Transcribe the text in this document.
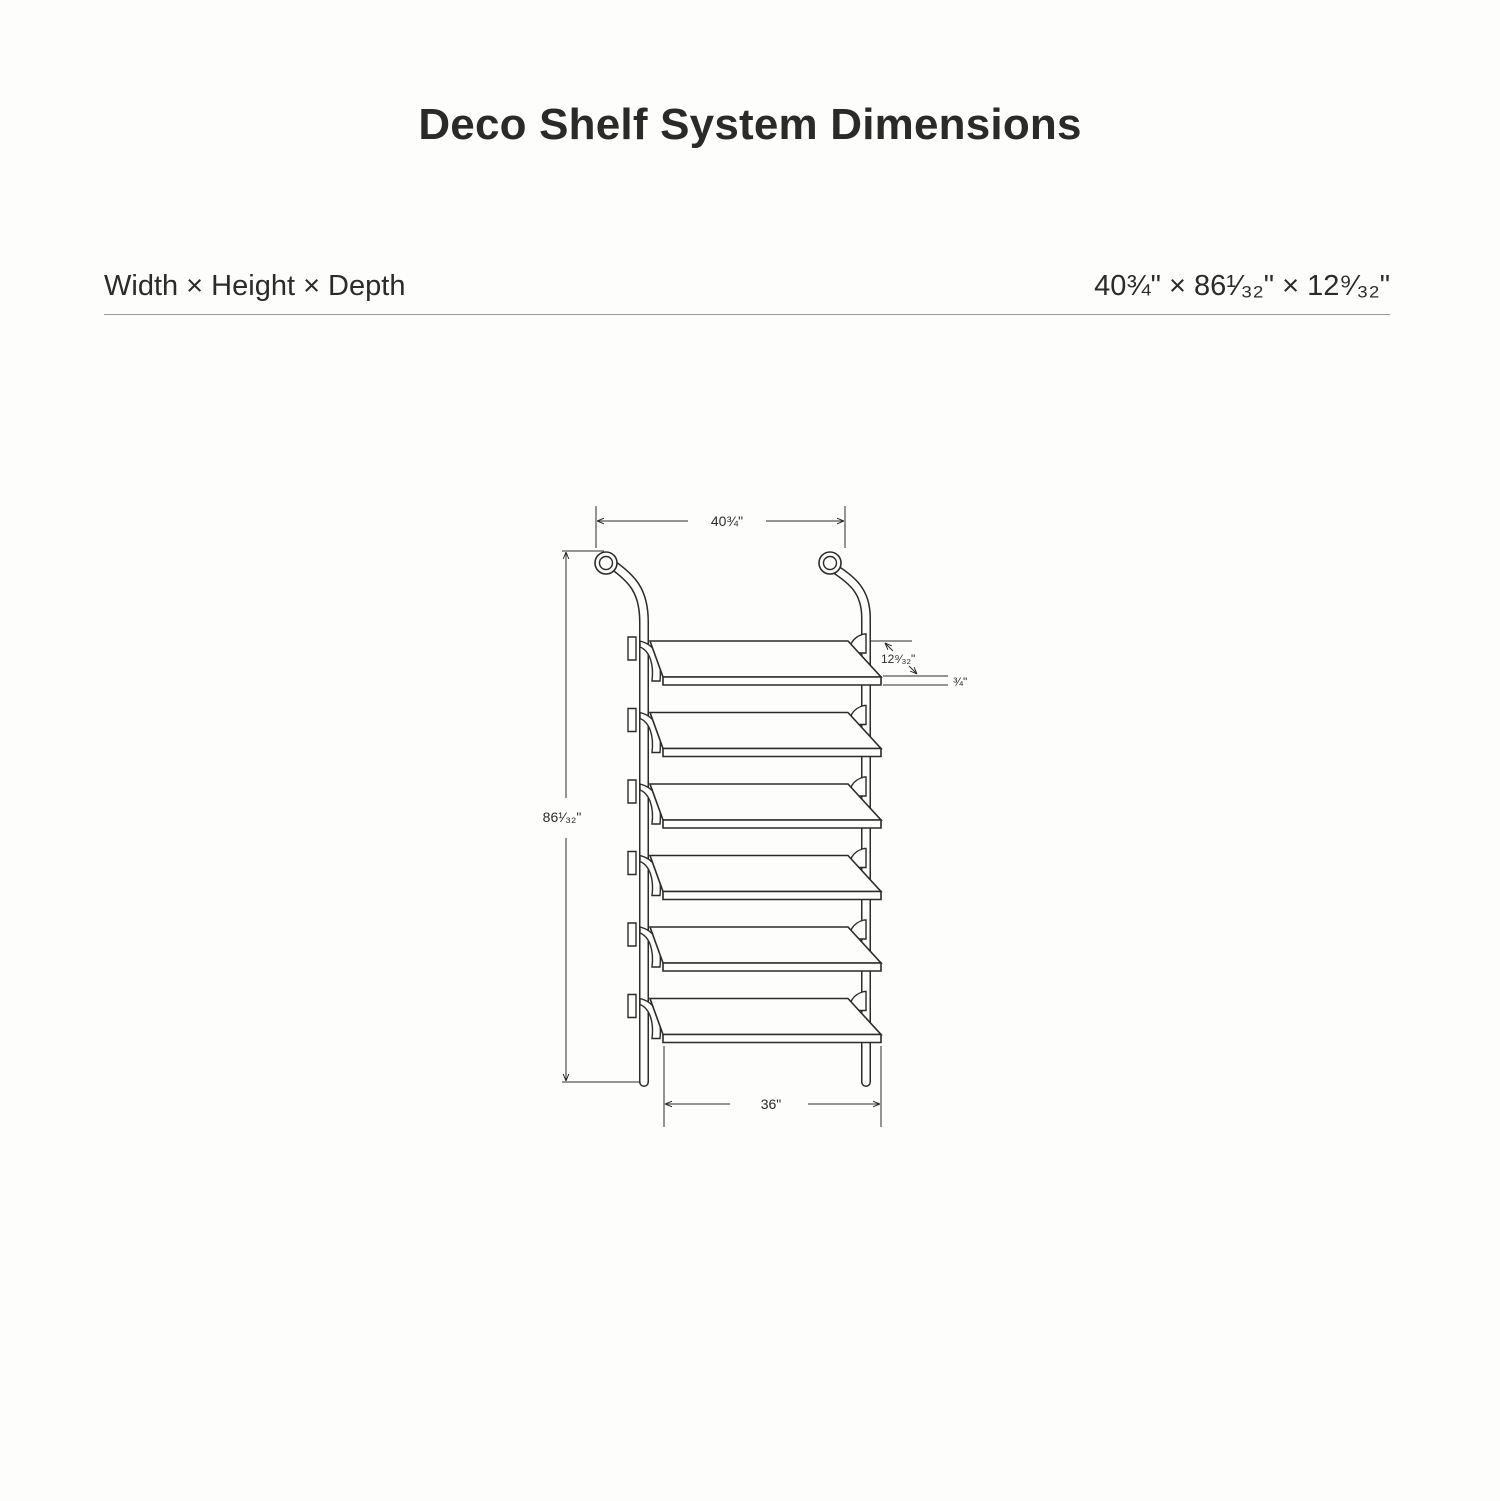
Deco Shelf System Dimensions
Width × Height × Depth	40¾" × 86¹⁄₃₂" × 12⁹⁄₃₂"
40¾"
86¹⁄₃₂"
36"
12⁹⁄₃₂"
¾"
